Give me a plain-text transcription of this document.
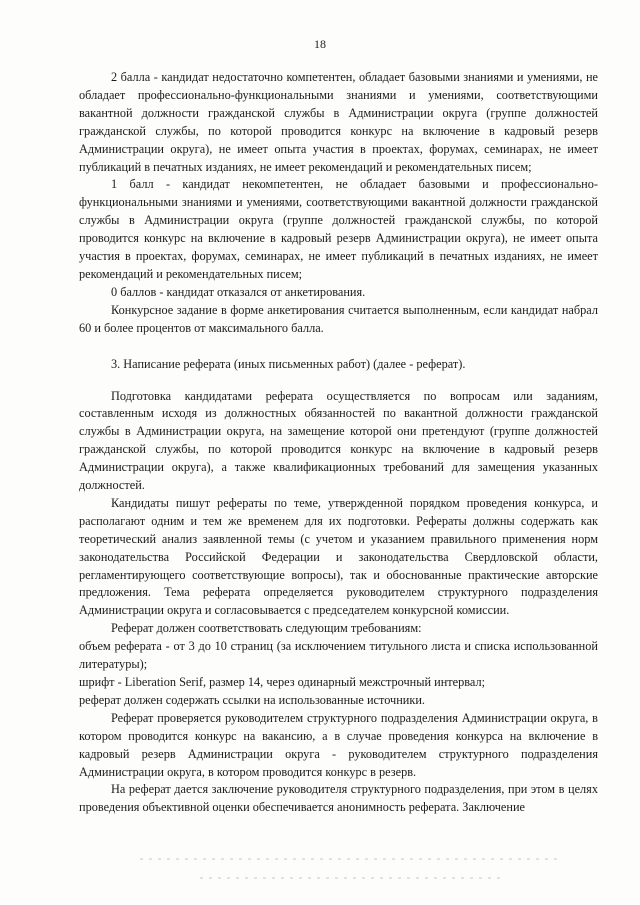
18

2 балла - кандидат недостаточно компетентен, обладает базовыми знаниями и умениями, не обладает профессионально-функциональными знаниями и умениями, соответствующими вакантной должности гражданской службы в Администрации округа (группе должностей гражданской службы, по которой проводится конкурс на включение в кадровый резерв Администрации округа), не имеет опыта участия в проектах, форумах, семинарах, не имеет публикаций в печатных изданиях, не имеет рекомендаций и рекомендательных писем;

1 балл - кандидат некомпетентен, не обладает базовыми и профессионально-функциональными знаниями и умениями, соответствующими вакантной должности гражданской службы в Администрации округа (группе должностей гражданской службы, по которой проводится конкурс на включение в кадровый резерв Администрации округа), не имеет опыта участия в проектах, форумах, семинарах, не имеет публикаций в печатных изданиях, не имеет рекомендаций и рекомендательных писем;

0 баллов - кандидат отказался от анкетирования.

Конкурсное задание в форме анкетирования считается выполненным, если кандидат набрал 60 и более процентов от максимального балла.

3. Написание реферата (иных письменных работ) (далее - реферат).

Подготовка кандидатами реферата осуществляется по вопросам или заданиям, составленным исходя из должностных обязанностей по вакантной должности гражданской службы в Администрации округа, на замещение которой они претендуют (группе должностей гражданской службы, по которой проводится конкурс на включение в кадровый резерв Администрации округа), а также квалификационных требований для замещения указанных должностей.

Кандидаты пишут рефераты по теме, утвержденной порядком проведения конкурса, и располагают одним и тем же временем для их подготовки. Рефераты должны содержать как теоретический анализ заявленной темы (с учетом и указанием правильного применения норм законодательства Российской Федерации и законодательства Свердловской области, регламентирующего соответствующие вопросы), так и обоснованные практические авторские предложения. Тема реферата определяется руководителем структурного подразделения Администрации округа и согласовывается с председателем конкурсной комиссии.

Реферат должен соответствовать следующим требованиям:

объем реферата - от 3 до 10 страниц (за исключением титульного листа и списка использованной литературы);

шрифт - Liberation Serif, размер 14, через одинарный межстрочный интервал;

реферат должен содержать ссылки на использованные источники.

Реферат проверяется руководителем структурного подразделения Администрации округа, в котором проводится конкурс на вакансию, а в случае проведения конкурса на включение в кадровый резерв Администрации округа - руководителем структурного подразделения Администрации округа, в котором проводится конкурс в резерв.

На реферат дается заключение руководителя структурного подразделения, при этом в целях проведения объективной оценки обеспечивается анонимность реферата. Заключение
